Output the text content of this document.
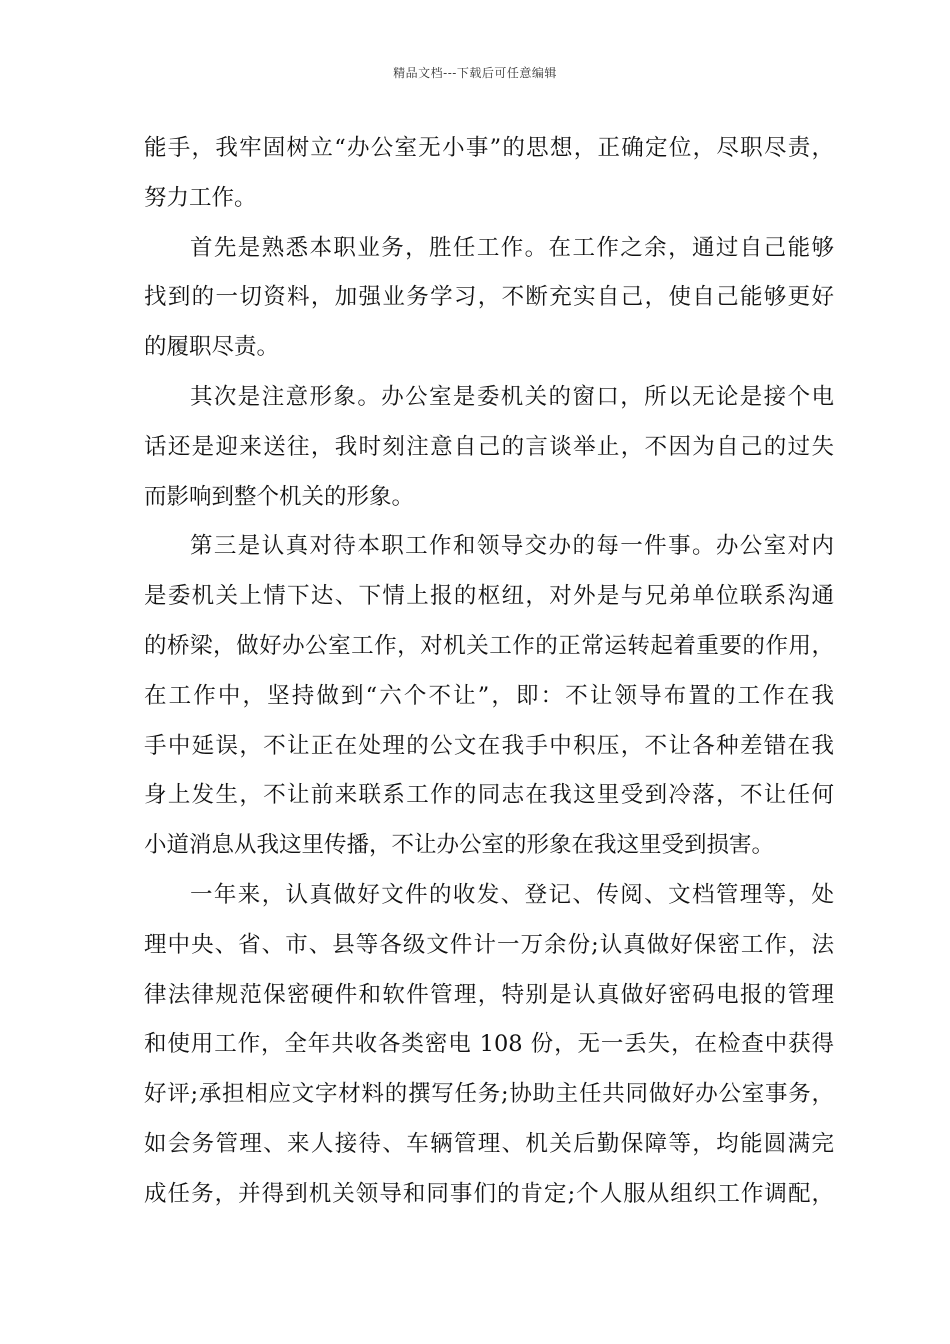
精品文档---下载后可任意编辑
能手，我牢固树立“办公室无小事”的思想，正确定位，尽职尽责，
努力工作。
首先是熟悉本职业务，胜任工作。在工作之余，通过自己能够
找到的一切资料，加强业务学习，不断充实自己，使自己能够更好
的履职尽责。
其次是注意形象。办公室是委机关的窗口，所以无论是接个电
话还是迎来送往，我时刻注意自己的言谈举止，不因为自己的过失
而影响到整个机关的形象。
第三是认真对待本职工作和领导交办的每一件事。办公室对内
是委机关上情下达、下情上报的枢纽，对外是与兄弟单位联系沟通
的桥梁，做好办公室工作，对机关工作的正常运转起着重要的作用，
在工作中，坚持做到“六个不让”，即：不让领导布置的工作在我
手中延误，不让正在处理的公文在我手中积压，不让各种差错在我
身上发生，不让前来联系工作的同志在我这里受到冷落，不让任何
小道消息从我这里传播，不让办公室的形象在我这里受到损害。
一年来，认真做好文件的收发、登记、传阅、文档管理等，处
理中央、省、市、县等各级文件计一万余份;认真做好保密工作，法
律法律规范保密硬件和软件管理，特别是认真做好密码电报的管理
和使用工作，全年共收各类密电 108 份，无一丢失，在检查中获得
好评;承担相应文字材料的撰写任务;协助主任共同做好办公室事务，
如会务管理、来人接待、车辆管理、机关后勤保障等，均能圆满完
成任务，并得到机关领导和同事们的肯定;个人服从组织工作调配，
